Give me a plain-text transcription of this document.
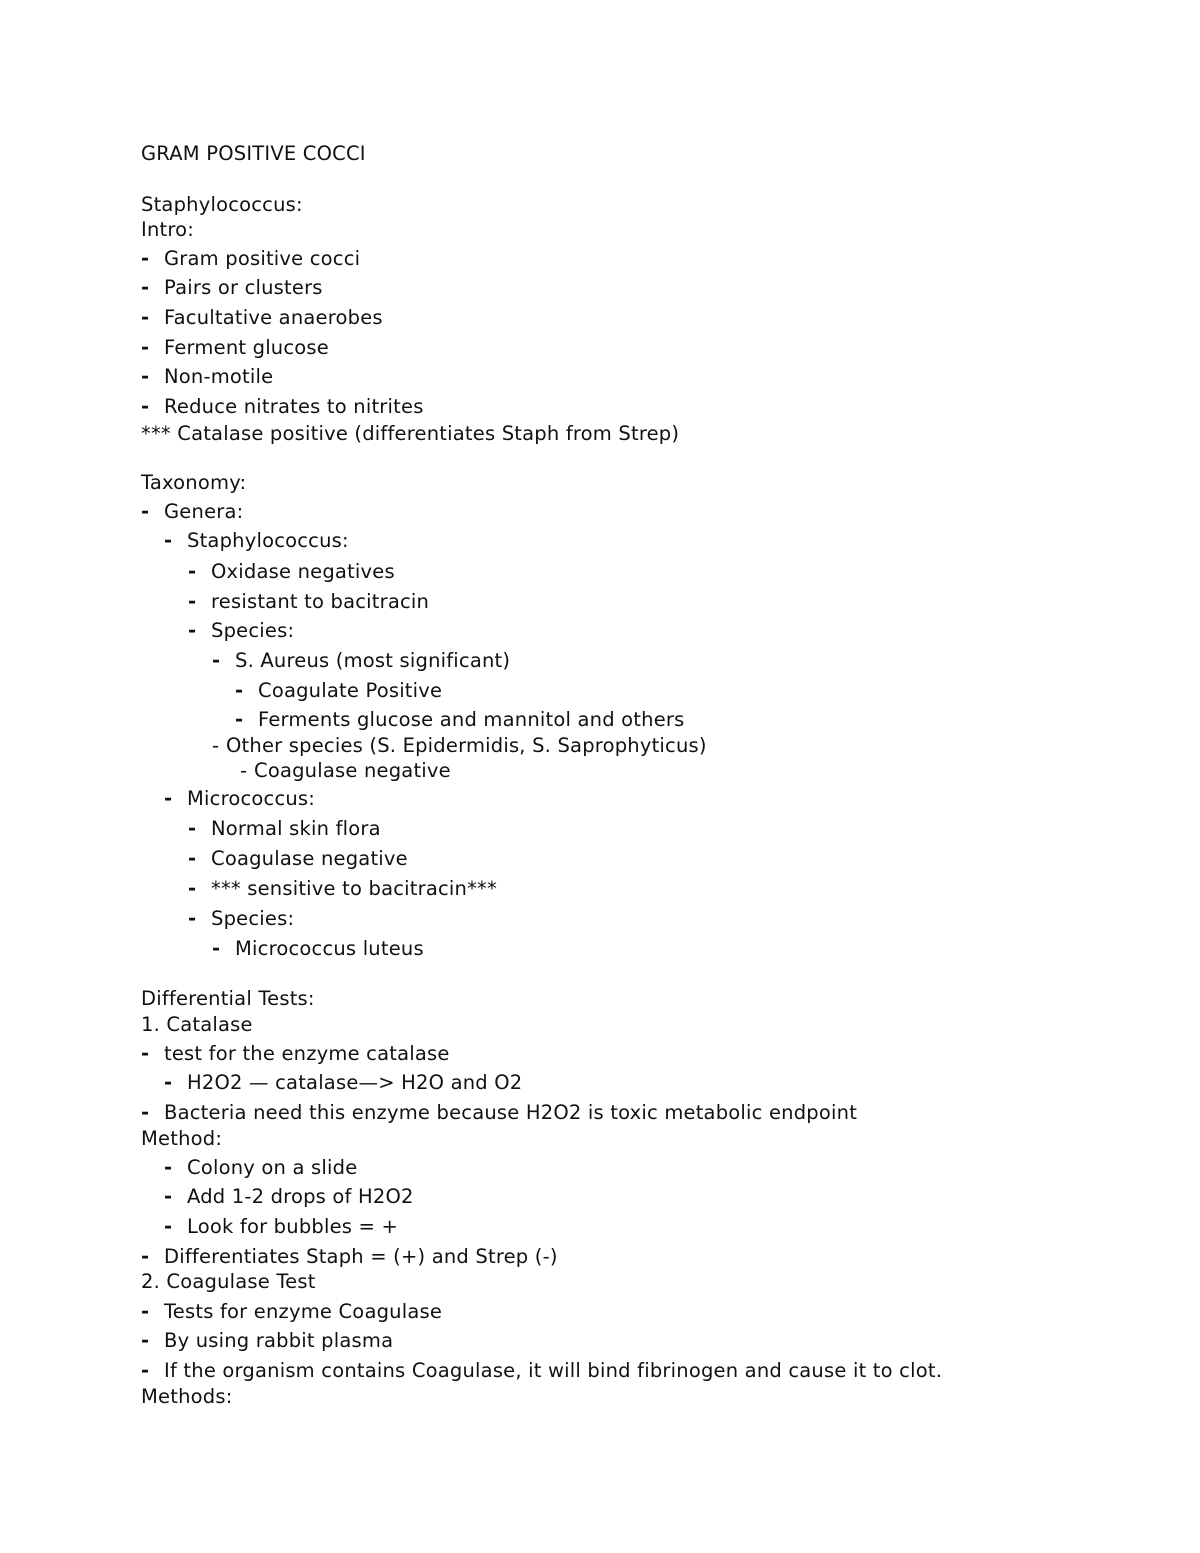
GRAM POSITIVE COCCI
Staphylococcus:
Intro:
- Gram positive cocci
- Pairs or clusters
- Facultative anaerobes
- Ferment glucose
- Non-motile
- Reduce nitrates to nitrites
*** Catalase positive (differentiates Staph from Strep)
Taxonomy:
- Genera:
- Staphylococcus:
- Oxidase negatives
- resistant to bacitracin
- Species:
- S. Aureus (most significant)
- Coagulate Positive
- Ferments glucose and mannitol and others
- Other species (S. Epidermidis, S. Saprophyticus)
- Coagulase negative
- Micrococcus:
- Normal skin flora
- Coagulase negative
- *** sensitive to bacitracin***
- Species:
- Micrococcus luteus
Differential Tests:
1. Catalase
- test for the enzyme catalase
- H2O2 — catalase—> H2O and O2
- Bacteria need this enzyme because H2O2 is toxic metabolic endpoint
Method:
- Colony on a slide
- Add 1-2 drops of H2O2
- Look for bubbles = +
- Differentiates Staph = (+) and Strep (-)
2. Coagulase Test
- Tests for enzyme Coagulase
- By using rabbit plasma
- If the organism contains Coagulase, it will bind fibrinogen and cause it to clot.
Methods:
